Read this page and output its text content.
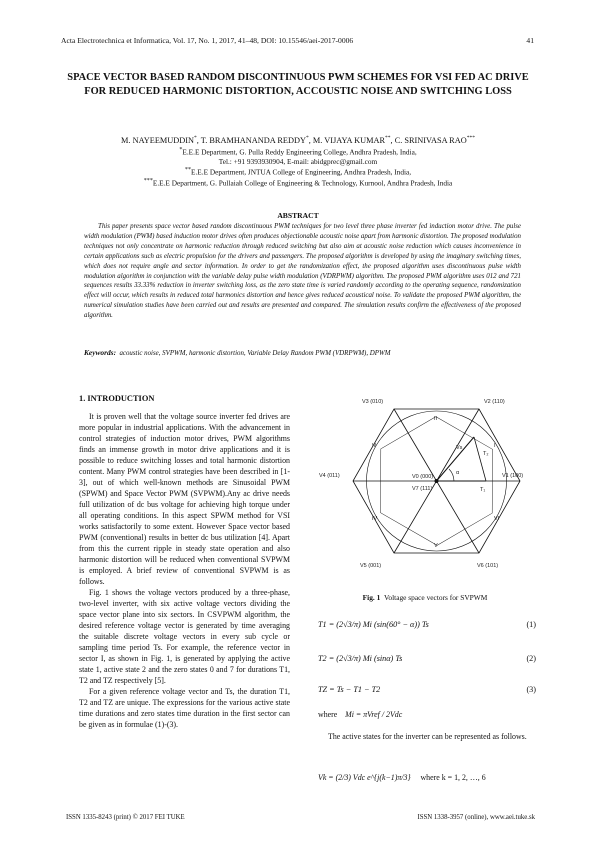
Acta Electrotechnica et Informatica, Vol. 17, No. 1, 2017, 41–48, DOI: 10.15546/aei-2017-0006	41
SPACE VECTOR BASED RANDOM DISCONTINUOUS PWM SCHEMES FOR VSI FED AC DRIVE FOR REDUCED HARMONIC DISTORTION, ACCOUSTIC NOISE AND SWITCHING LOSS
M. NAYEEMUDDIN*, T. BRAMHANANDA REDDY*, M. VIJAYA KUMAR**, C. SRINIVASA RAO***
*E.E.E Department, G. Pulla Reddy Engineering College, Andhra Pradesh, India,
Tel.: +91 9393930904, E-mail: abidgprec@gmail.com
**E.E.E Department, JNTUA College of Engineering, Andhra Pradesh, India,
***E.E.E Department, G. Pullaiah College of Engineering & Technology, Kurnool, Andhra Pradesh, India
ABSTRACT
This paper presents space vector based random discontinuous PWM techniques for two level three phase inverter fed induction motor drive. The pulse width modulation (PWM) based induction motor drives often produces objectionable acoustic noise apart from harmonic distortion. The proposed modulation techniques not only concentrate on harmonic reduction through reduced switching but also aim at acoustic noise reduction which causes inconvenience in certain applications such as electric propulsion for the drivers and passengers. The proposed algorithm is developed by using the imaginary switching times, which does not require angle and sector information. In order to get the randomization effect, the proposed algorithm uses discontinuous pulse width modulation algorithm in conjunction with the variable delay pulse width modulation (VDRPWM) algorithm. The proposed PWM algorithm uses 012 and 721 sequences results 33.33% reduction in inverter switching loss, as the zero state time is varied randomly according to the operating sequence, randomization effect will occur, which results in reduced total harmonics distortion and hence gives reduced acoustical noise. To validate the proposed PWM algorithm, the numerical simulation studies have been carried out and results are presented and compared. The simulation results confirm the effectiveness of the proposed algorithm.
Keywords: acoustic noise, SVPWM, harmonic distortion, Variable Delay Random PWM (VDRPWM), DPWM
1. INTRODUCTION

It is proven well that the voltage source inverter fed drives are more popular in industrial applications. With the advancement in control strategies of induction motor drives, PWM algorithms finds an immense growth in motor drive applications and it is possible to reduce switching losses and total harmonic distortion content. Many PWM control strategies have been described in [1-3], out of which well-known methods are Sinusoidal PWM (SPWM) and Space Vector PWM (SVPWM).Any ac drive needs full utilization of dc bus voltage for achieving high torque under all operating conditions. In this aspect SPWM method for VSI works satisfactorily to some extent. However Space vector based PWM (conventional) results in better dc bus utilization [4]. Apart from this the current ripple in steady state operation and also harmonic distortion will be reduced when conventional SVPWM is employed. A brief review of conventional SVPWM is as follows.

Fig. 1 shows the voltage vectors produced by a three-phase, two-level inverter, with six active voltage vectors dividing the space vector plane into six sectors. In CSVPWM algorithm, the desired reference voltage vector is generated by time averaging the suitable discrete voltage vectors in every sub cycle or sampling time period Ts. For example, the reference vector in sector I, as shown in Fig. 1, is generated by applying the active state 1, active state 2 and the zero states 0 and 7 for durations T1, T2 and TZ respectively [5].

For a given reference voltage vector and Ts, the duration T1, T2 and TZ are unique. The expressions for the various active state time durations and zero states time duration in the first sector can be given as in formulae (1)-(3).

V3 (010)	V2 (110)
V4 (011)	V1 (100)
V5 (001)	V6 (101)
V0 (000)
V7 (111)
I
II
III
IV
V
VI
T₁
T₂
Vs
α
Fig. 1 Voltage space vectors for SVPWM
T1 = (2√3/π) Mi (sin(60° − α)) Ts	(1)
T2 = (2√3/π) Mi (sinα) Ts	(2)
TZ = Ts − T1 − T2	(3)
where Mi = πVref / 2Vdc
The active states for the inverter can be represented as follows.
Vk = (2/3) Vdc e^{j(k−1)π/3} where k = 1, 2, …, 6
ISSN 1335-8243 (print) © 2017 FEI TUKE	ISSN 1338-3957 (online), www.aei.tuke.sk
